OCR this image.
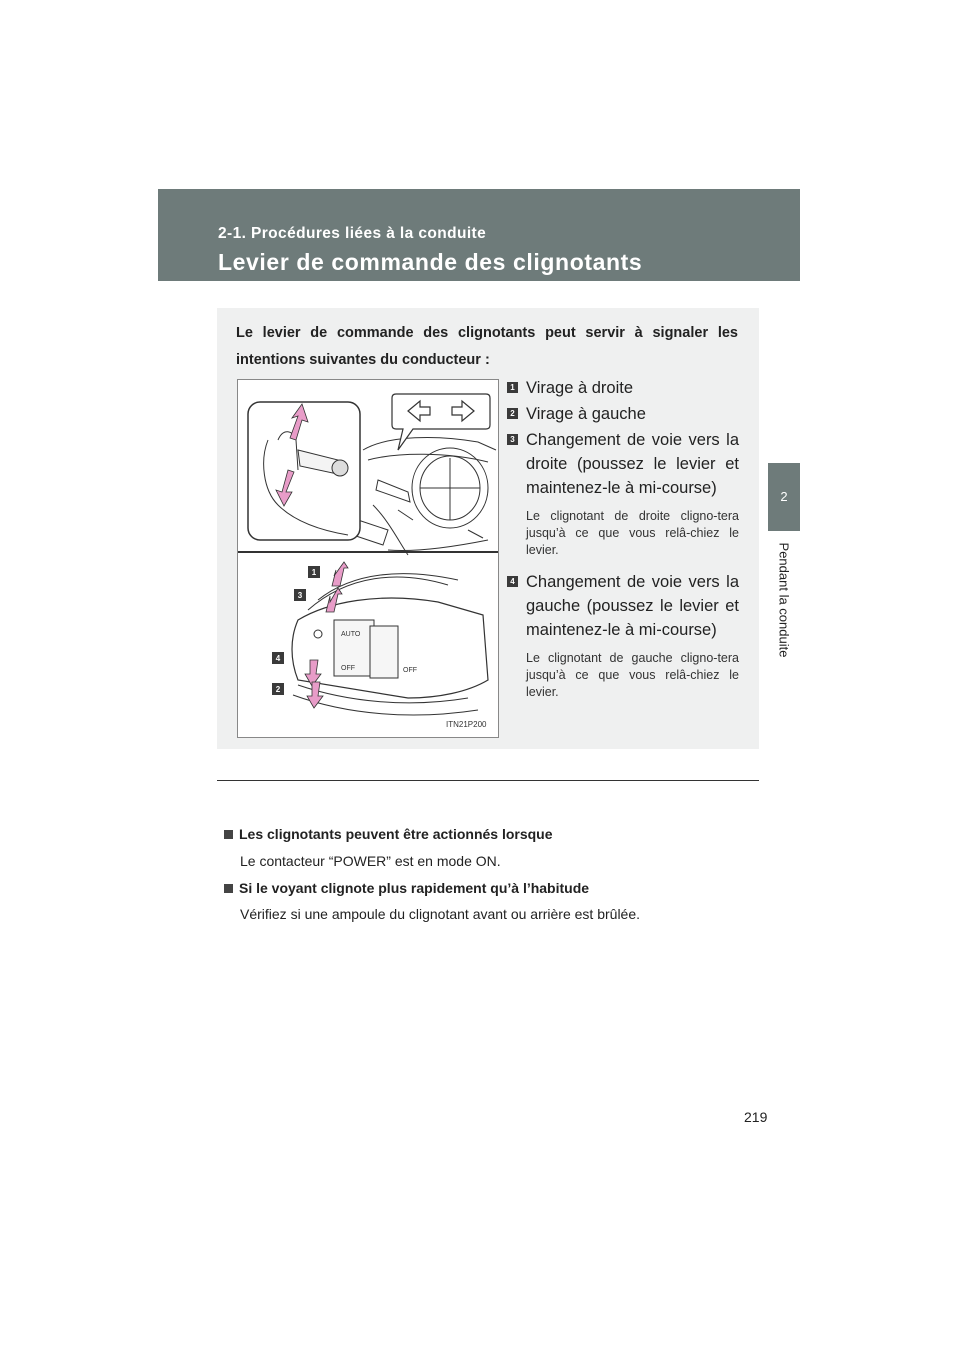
2-1. Procédures liées à la conduite
Levier de commande des clignotants
2
Pendant la conduite
Le levier de commande des clignotants peut servir à signaler les intentions suivantes du conducteur :
AUTO
OFF	OFF
1
3
4
2
ITN21P200
1 Virage à droite
2 Virage à gauche
3 Changement de voie vers la droite (poussez le levier et maintenez-le à mi-course)
Le clignotant de droite cligno-tera jusqu’à ce que vous relâ-chiez le levier.
4 Changement de voie vers la gauche (poussez le levier et maintenez-le à mi-course)
Le clignotant de gauche cligno-tera jusqu’à ce que vous relâ-chiez le levier.
Les clignotants peuvent être actionnés lorsque
Le contacteur “POWER” est en mode ON.
Si le voyant clignote plus rapidement qu’à l’habitude
Vérifiez si une ampoule du clignotant avant ou arrière est brûlée.
219
